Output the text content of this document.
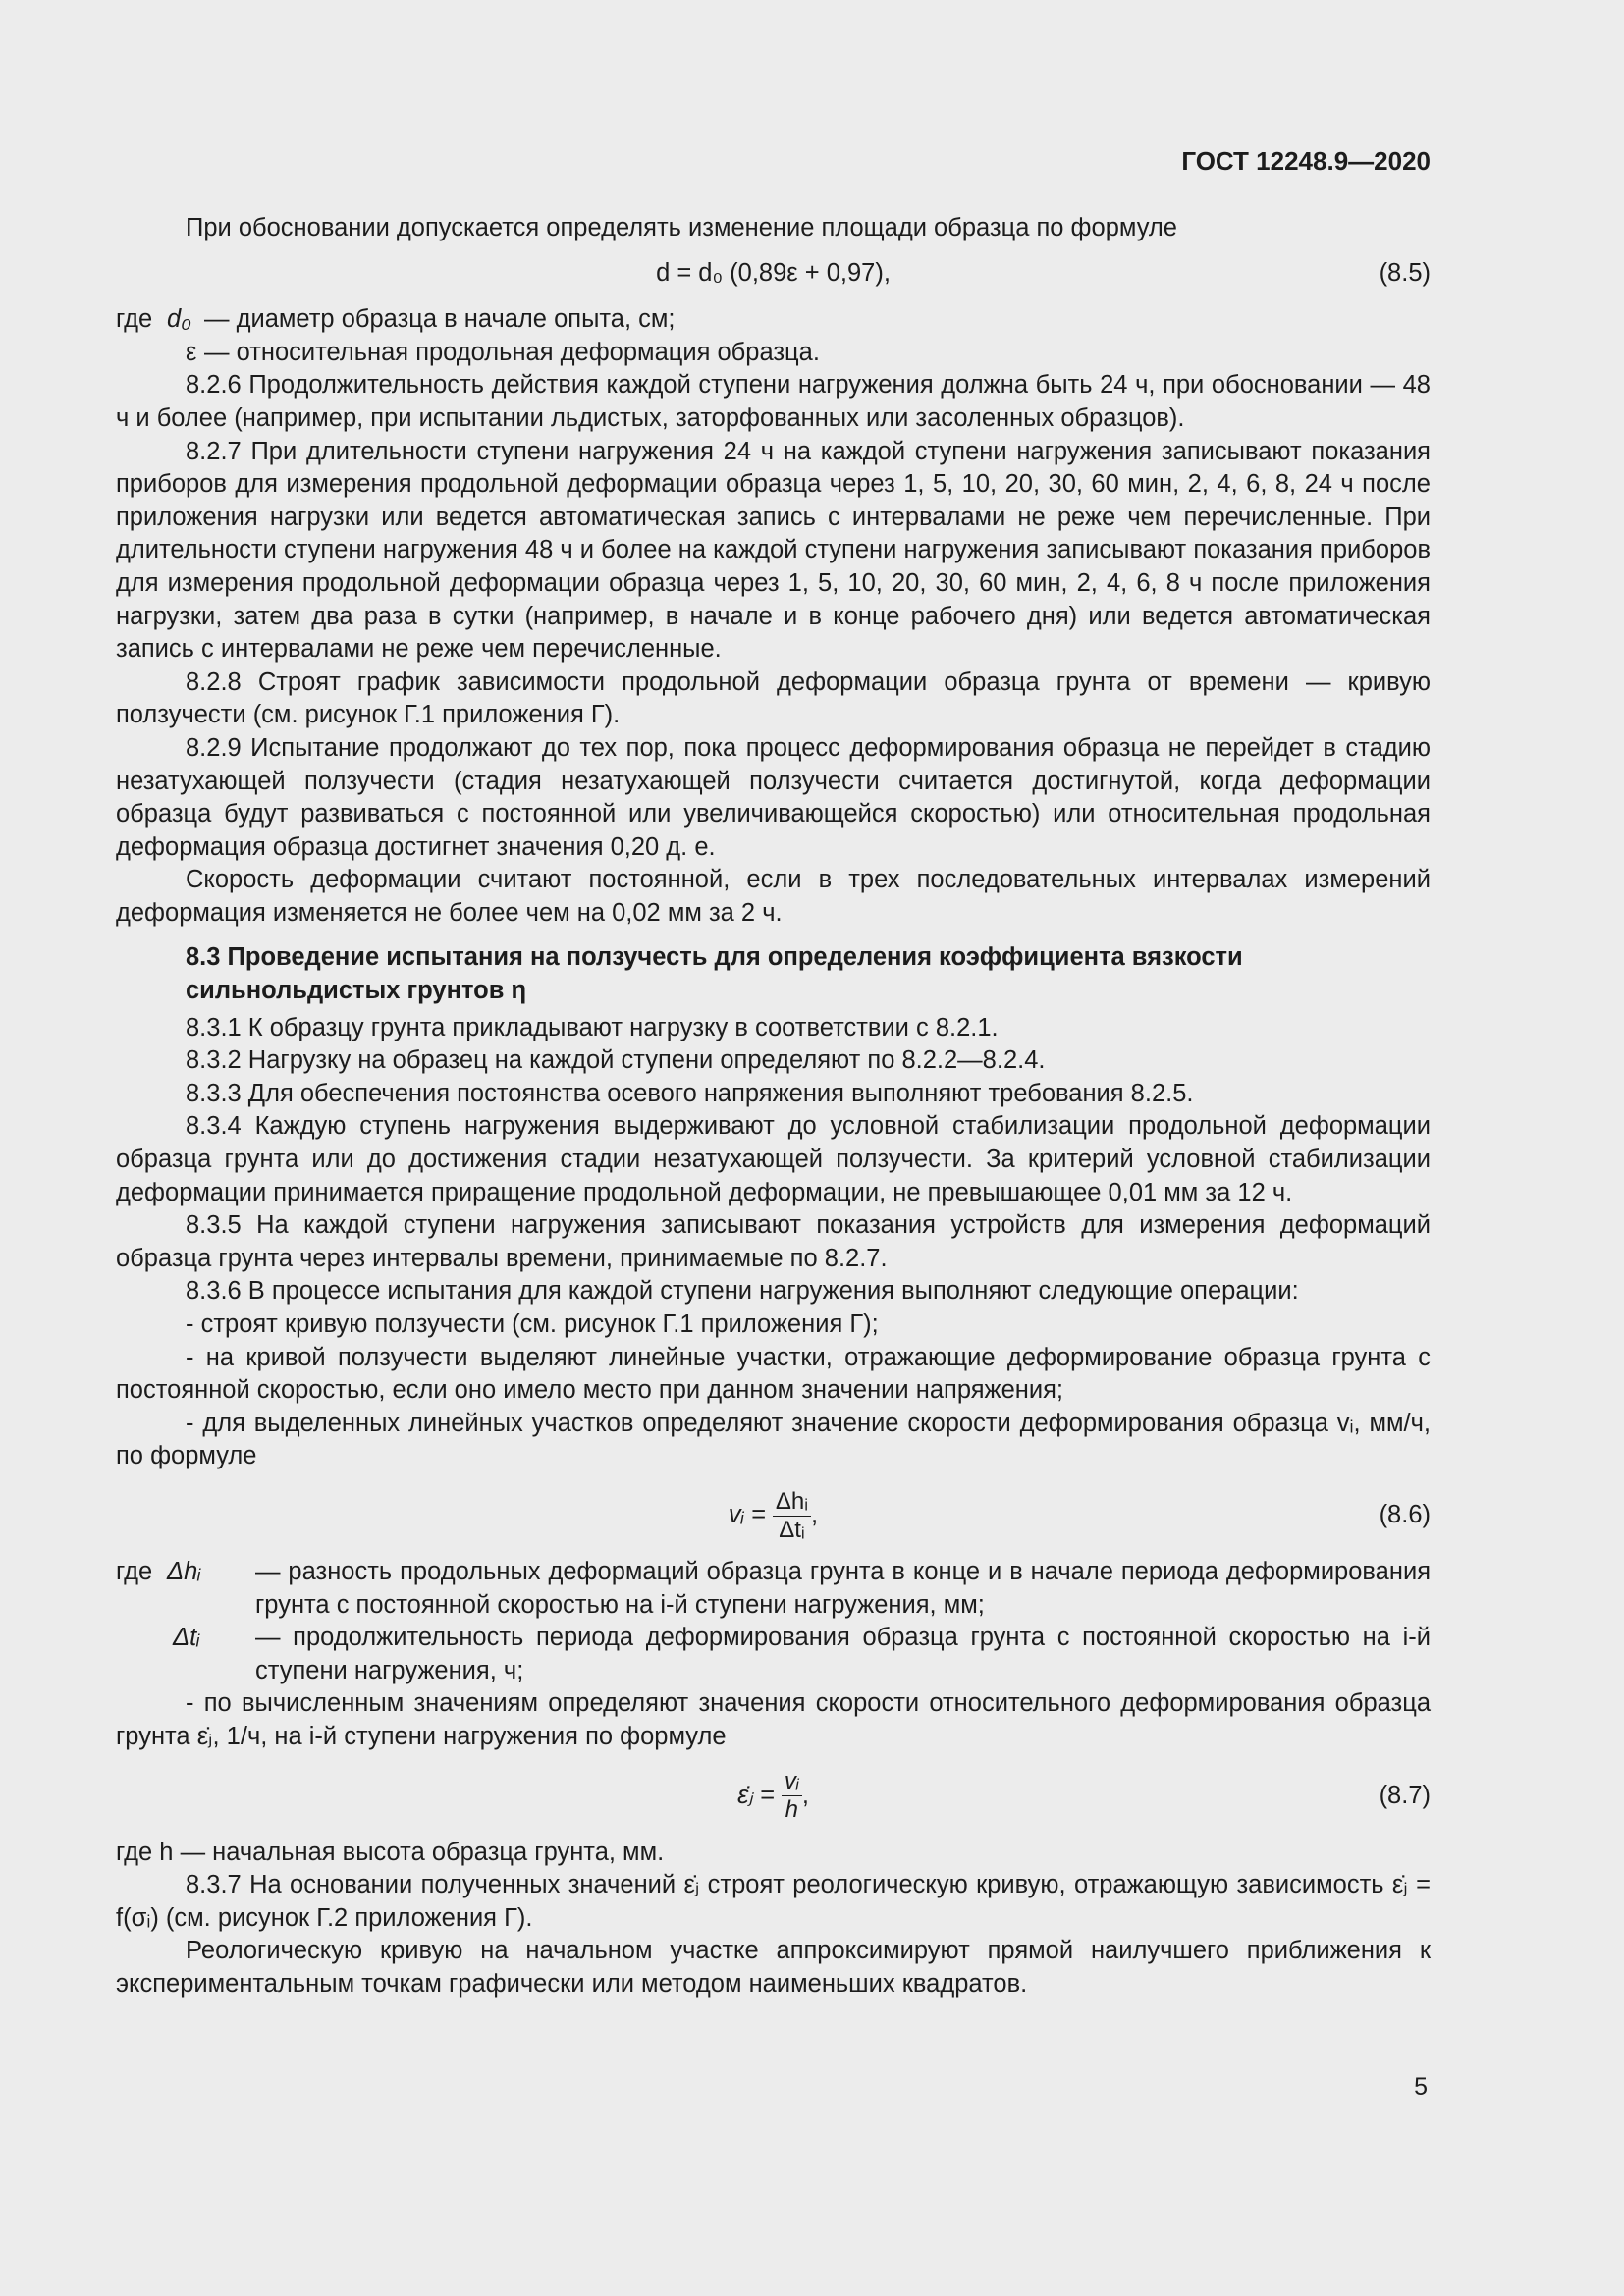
ГОСТ 12248.9—2020

При обосновании допускается определять изменение площади образца по формуле

d = d₀ (0,89ε + 0,97),	(8.5)
где d₀ — диаметр образца в начале опыта, см;
ε — относительная продольная деформация образца.

8.2.6 Продолжительность действия каждой ступени нагружения должна быть 24 ч, при обосновании — 48 ч и более (например, при испытании льдистых, заторфованных или засоленных образцов).

8.2.7 При длительности ступени нагружения 24 ч на каждой ступени нагружения записывают показания приборов для измерения продольной деформации образца через 1, 5, 10, 20, 30, 60 мин, 2, 4, 6, 8, 24 ч после приложения нагрузки или ведется автоматическая запись с интервалами не реже чем перечисленные. При длительности ступени нагружения 48 ч и более на каждой ступени нагружения записывают показания приборов для измерения продольной деформации образца через 1, 5, 10, 20, 30, 60 мин, 2, 4, 6, 8 ч после приложения нагрузки, затем два раза в сутки (например, в начале и в конце рабочего дня) или ведется автоматическая запись с интервалами не реже чем перечисленные.

8.2.8 Строят график зависимости продольной деформации образца грунта от времени — кривую ползучести (см. рисунок Г.1 приложения Г).

8.2.9 Испытание продолжают до тех пор, пока процесс деформирования образца не перейдет в стадию незатухающей ползучести (стадия незатухающей ползучести считается достигнутой, когда деформации образца будут развиваться с постоянной или увеличивающейся скоростью) или относительная продольная деформация образца достигнет значения 0,20 д. е.

Скорость деформации считают постоянной, если в трех последовательных интервалах измерений деформация изменяется не более чем на 0,02 мм за 2 ч.

8.3 Проведение испытания на ползучесть для определения коэффициента вязкости сильнольдистых грунтов η

8.3.1 К образцу грунта прикладывают нагрузку в соответствии с 8.2.1.

8.3.2 Нагрузку на образец на каждой ступени определяют по 8.2.2—8.2.4.

8.3.3 Для обеспечения постоянства осевого напряжения выполняют требования 8.2.5.

8.3.4 Каждую ступень нагружения выдерживают до условной стабилизации продольной деформации образца грунта или до достижения стадии незатухающей ползучести. За критерий условной стабилизации деформации принимается приращение продольной деформации, не превышающее 0,01 мм за 12 ч.

8.3.5 На каждой ступени нагружения записывают показания устройств для измерения деформаций образца грунта через интервалы времени, принимаемые по 8.2.7.

8.3.6 В процессе испытания для каждой ступени нагружения выполняют следующие операции:

- строят кривую ползучести (см. рисунок Г.1 приложения Г);

- на кривой ползучести выделяют линейные участки, отражающие деформирование образца грунта с постоянной скоростью, если оно имело место при данном значении напряжения;

- для выделенных линейных участков определяют значение скорости деформирования образца vᵢ, мм/ч, по формуле

vᵢ = $\frac{\text{Δhᵢ}}{\text{Δtᵢ}}$ ,	(8.6)
где Δhᵢ	— разность продольных деформаций образца грунта в конце и в начале периода деформирования грунта с постоянной скоростью на i-й ступени нагружения, мм;
Δtᵢ	— продолжительность периода деформирования образца грунта с постоянной скоростью на i-й ступени нагружения, ч;

- по вычисленным значениям определяют значения скорости относительного деформирования образца грунта ε̇ⱼ, 1/ч, на i-й ступени нагружения по формуле

ε̇ⱼ = $\frac{\text{vᵢ}}{h}$ ,	(8.7)

где h — начальная высота образца грунта, мм.

8.3.7 На основании полученных значений ε̇ⱼ строят реологическую кривую, отражающую зависимость ε̇ⱼ = f(σᵢ) (см. рисунок Г.2 приложения Г).

Реологическую кривую на начальном участке аппроксимируют прямой наилучшего приближения к экспериментальным точкам графически или методом наименьших квадратов.

5
